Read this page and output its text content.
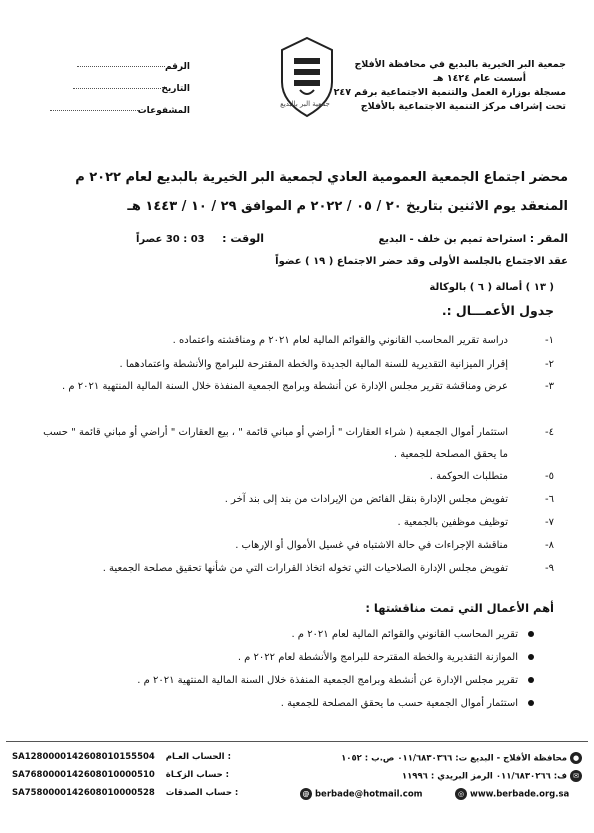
جمعية البر الخيرية بالبديع في محافظة الأفلاج
أسست عام ١٤٢٤ هـ
مسجلة بوزارة العمل والتنمية الاجتماعية برقم ٢٤٧
تحت إشراف مركز التنمية الاجتماعية بالأفلاج
جمعية البر بالبديع
الرقم
التاريخ
المشفوعات
محضر اجتماع الجمعية العمومية العادي لجمعية البر الخيرية بالبديع لعام ٢٠٢٢ م
المنعقد يوم الاثنين بتاريخ ٢٠ / ٠٥ / ٢٠٢٢ م الموافق ٢٩ / ١٠ / ١٤٤٣ هـ
المقر : استراحة تميم بن خلف - البديع
الوقت : 03 : 30 عصراً
عقد الاجتماع بالجلسة الأولى وقد حضر الاجتماع ( ١٩ ) عضواً
( ١٣ ) أصالة ( ٦ ) بالوكالة
جدول الأعمـــال :.
١-
دراسة تقرير المحاسب القانوني والقوائم المالية لعام ٢٠٢١ م ومناقشته واعتماده .
٢-
إقرار الميزانية التقديرية للسنة المالية الجديدة والخطة المقترحة للبرامج والأنشطة واعتمادهما .
٣-
عرض ومناقشة تقرير مجلس الإدارة عن أنشطة وبرامج الجمعية المنفذة خلال السنة المالية المنتهية ٢٠٢١ م .
٤-
استثمار أموال الجمعية ( شراء العقارات " أراضي أو مباني قائمة " ، بيع العقارات " أراضي أو مباني قائمة " حسب ما يحقق المصلحة للجمعية .
٥-
متطلبات الحوكمة .
٦-
تفويض مجلس الإدارة بنقل الفائض من الإيرادات من بند إلى بند آخر .
٧-
توظيف موظفين بالجمعية .
٨-
مناقشة الإجراءات في حالة الاشتباه في غسيل الأموال أو الإرهاب .
٩-
تفويض مجلس الإدارة الصلاحيات التي تخوله اتخاذ القرارات التي من شأنها تحقيق مصلحة الجمعية .
أهم الأعمال التي تمت مناقشتها :
تقرير المحاسب القانوني والقوائم المالية لعام ٢٠٢١ م .
الموازنة التقديرية والخطة المقترحة للبرامج والأنشطة لعام ٢٠٢٢ م .
تقرير مجلس الإدارة عن أنشطة وبرامج الجمعية المنفذة خلال السنة المالية المنتهية ٢٠٢١ م .
استثمار أموال الجمعية حسب ما يحقق المصلحة للجمعية .
SA1280000142608010155504 الحساب العـام :
SA7680000142608010000510 حساب الزكـاة :
SA7580000142608010000528 حساب الصدقات :
● محافظة الأفلاج - البديع ت: ٠١١/٦٨٣٠٣٦٦ ص.ب : ١٠٥٢
✉ ف: ٠١١/٦٨٣٠٢٦٦ الرمز البريدي : ١١٩٩٦
@ berbade@hotmail.com	◎ www.berbade.org.sa
